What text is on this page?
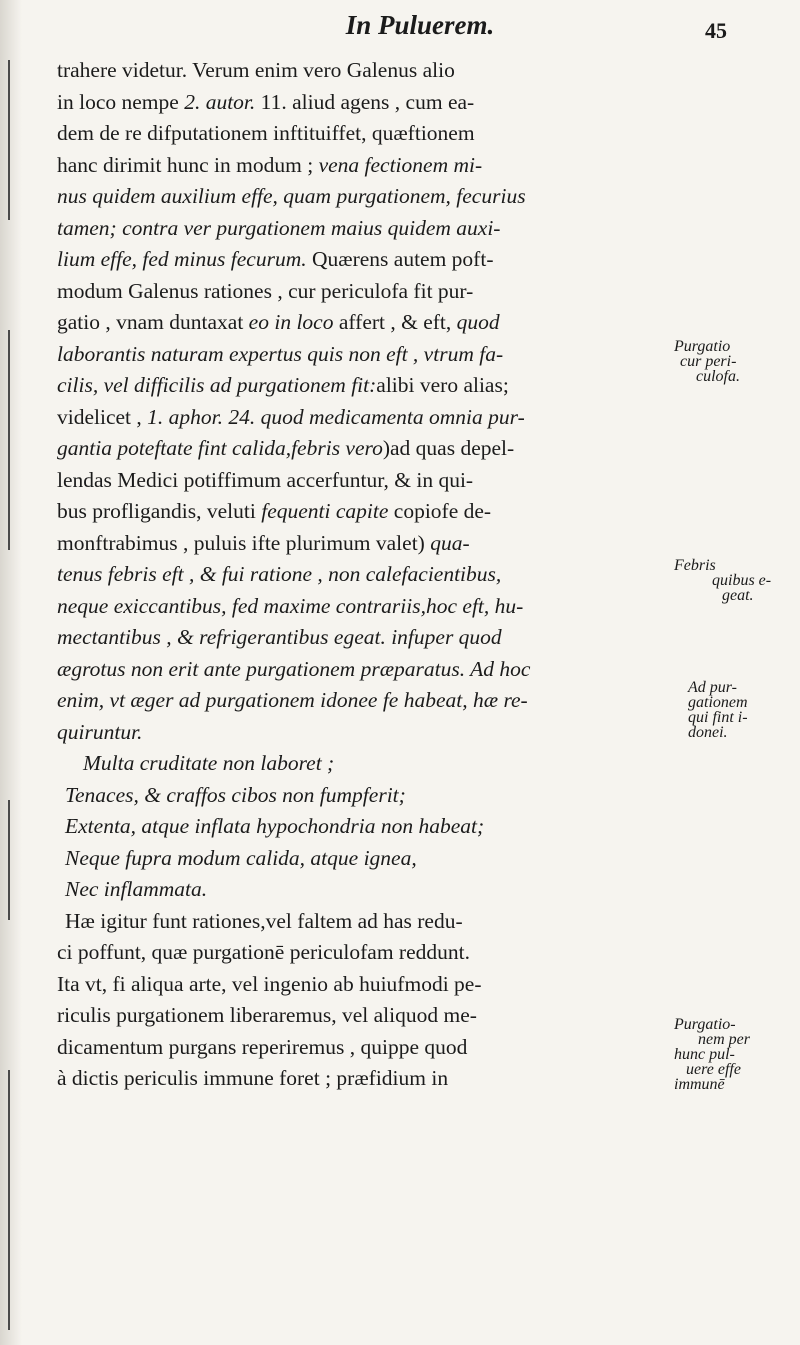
In Puluerem.	45
trahere videtur. Verum enim vero Galenus alio
in loco nempe 2. autor. 11. aliud agens , cum ea-
dem de re difputationem inftituiffet, quæftionem
hanc dirimit hunc in modum ; vena fectionem mi-
nus quidem auxilium effe, quam purgationem, fecurius
tamen; contra ver purgationem maius quidem auxi-
lium effe, fed minus fecurum. Quærens autem poft-
modum Galenus rationes , cur periculofa fit pur-
gatio , vnam duntaxat eo in loco affert , & eft, quod
laborantis naturam expertus quis non eft , vtrum fa-
cilis, vel difficilis ad purgationem fit:alibi vero alias;
videlicet , 1. aphor. 24. quod medicamenta omnia pur-
gantia poteftate fint calida,febris vero)ad quas depel-
lendas Medici potiffimum accerfuntur, & in qui-
bus profligandis, veluti fequenti capite copiofe de-
monftrabimus , puluis ifte plurimum valet) qua-
tenus febris eft , & fui ratione , non calefacientibus,
neque exiccantibus, fed maxime contrariis,hoc eft, hu-
mectantibus , & refrigerantibus egeat. infuper quod
ægrotus non erit ante purgationem præparatus. Ad hoc
enim, vt æger ad purgationem idonee fe habeat, hæ re-
quiruntur.
Multa cruditate non laboret ;
Tenaces, & craffos cibos non fumpferit;
Extenta, atque inflata hypochondria non habeat;
Neque fupra modum calida, atque ignea,
Nec inflammata.
Hæ igitur funt rationes,vel faltem ad has redu-
ci poffunt, quæ purgationē periculofam reddunt.
Ita vt, fi aliqua arte, vel ingenio ab huiufmodi pe-
riculis purgationem liberaremus, vel aliquod me-
dicamentum purgans reperiremus , quippe quod
à dictis periculis immune foret ; præfidium in
Purgatio
cur peri-
culofa.
Febris
quibus e-
geat.
Ad pur-
gationem
qui fint i-
donei.
Purgatio-
nem per
hunc pul-
uere effe
immunē
